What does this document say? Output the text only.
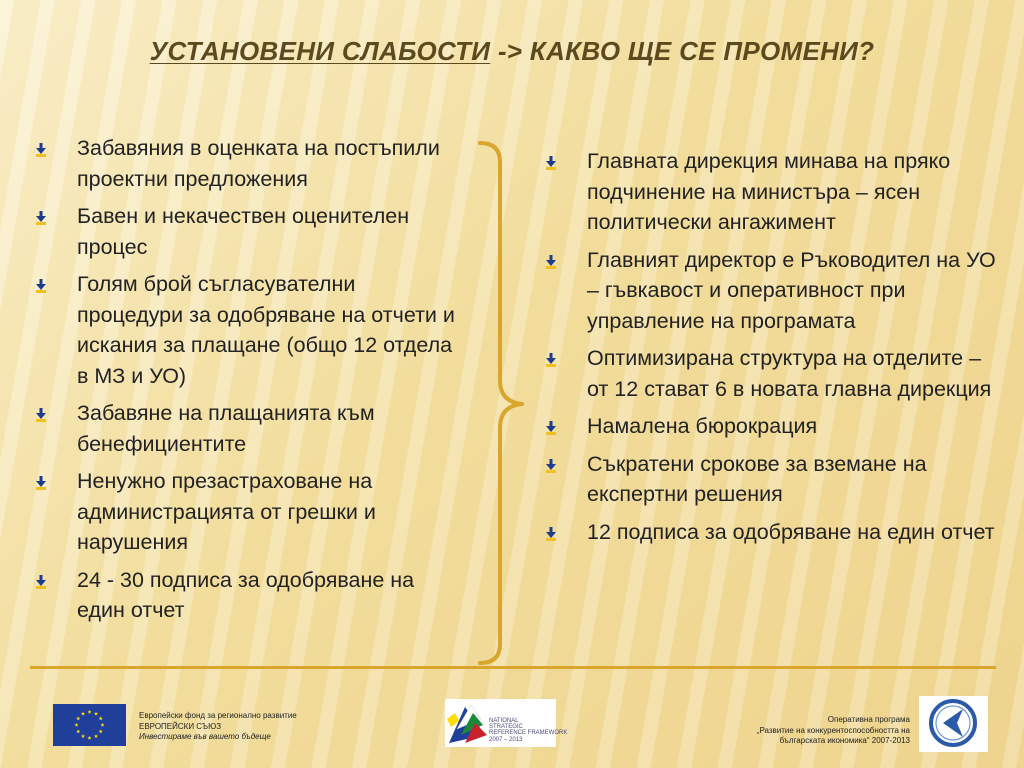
УСТАНОВЕНИ СЛАБОСТИ -> КАКВО ЩЕ СЕ ПРОМЕНИ?
Забавяния в оценката на постъпили проектни предложения
Бавен и некачествен оценителен процес
Голям брой съгласувателни процедури за одобряване на отчети и искания за плащане (общо 12 отдела в МЗ и УО)
Забавяне на плащанията към бенефициентите
Ненужно презастраховане на администрацията от грешки и нарушения
24 - 30 подписа за одобряване на един отчет
Главната дирекция минава на пряко подчинение на министъра – ясен политически ангажимент
Главният директор е Ръководител на УО – гъвкавост и оперативност при управление на програмата
Оптимизирана структура на отделите – от 12 стават 6 в новата главна дирекция
Намалена бюрокрация
Съкратени срокове за вземане на експертни решения
12 подписа за одобряване на един отчет
Европейски фонд за регионално развитие
ЕВРОПЕЙСКИ СЪЮЗ
Инвестираме във вашето бъдеще
NATIONAL
STRATEGIC
REFERENCE FRAMEWORK
2007 – 2013
Оперативна програма
„Развитие на конкурентоспособността на
българската икономика“ 2007-2013
